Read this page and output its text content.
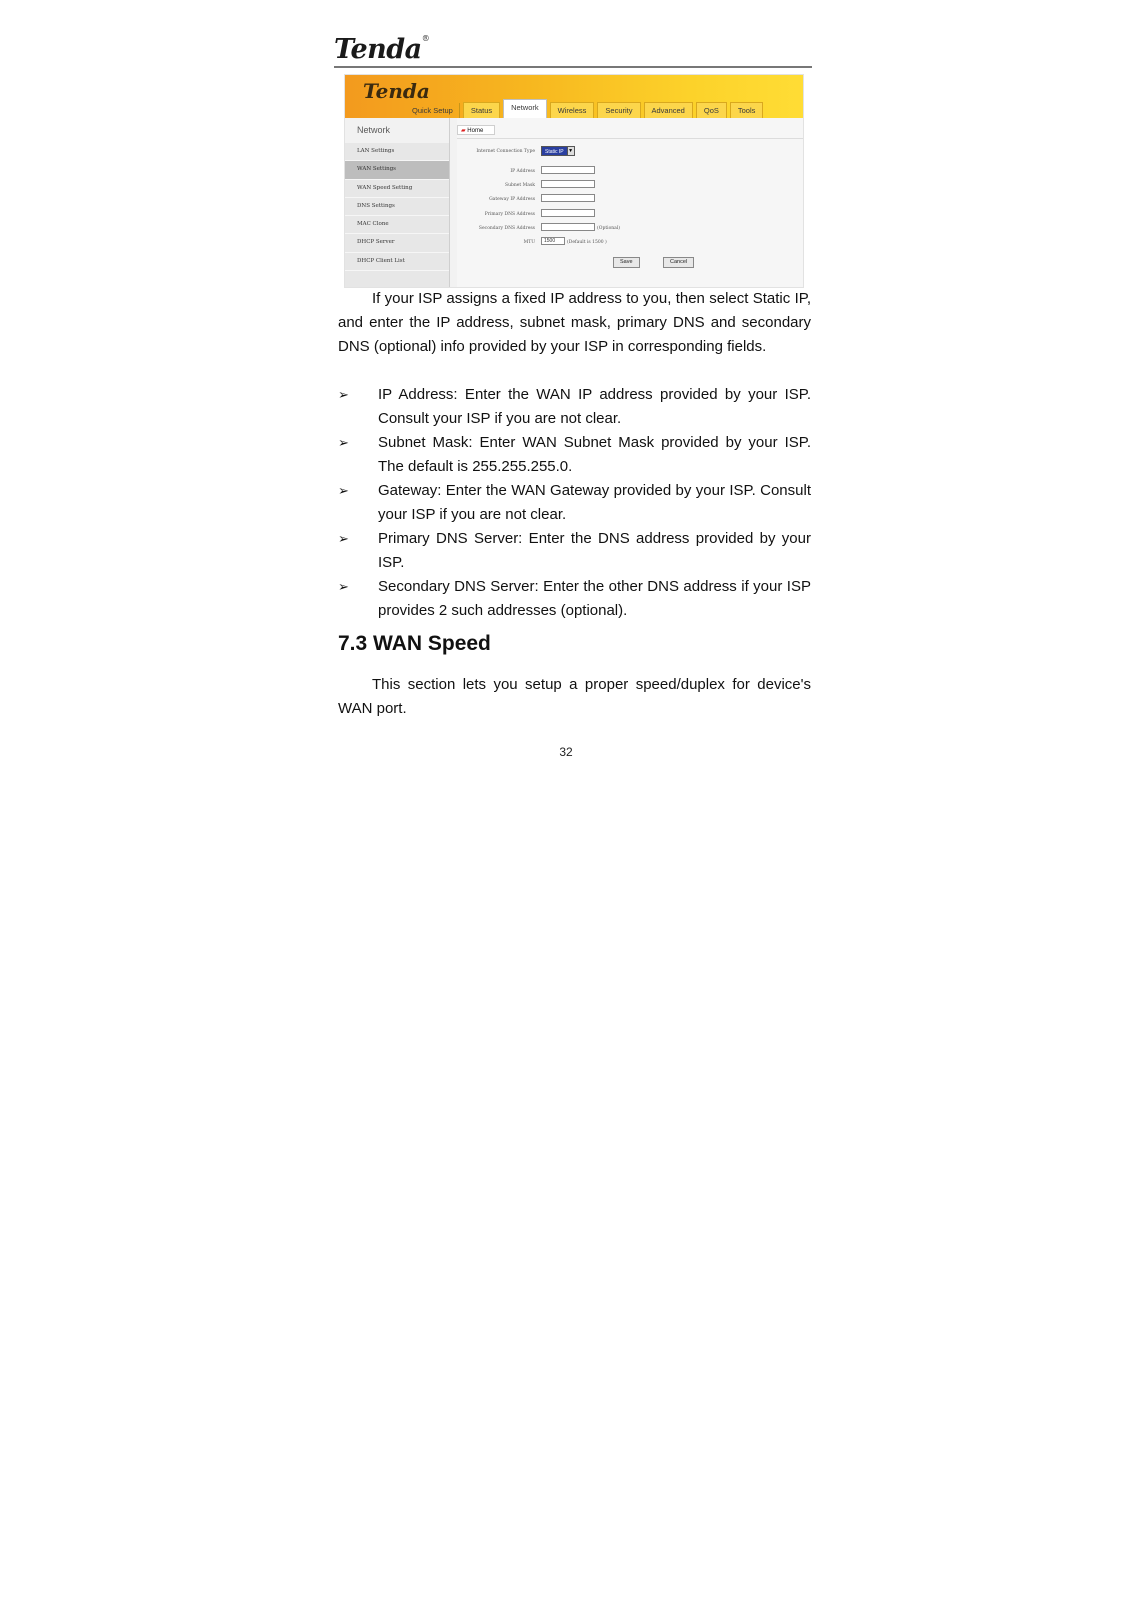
Tenda®
Tenda
Quick Setup	Status	Network	Wireless	Security	Advanced	QoS	Tools
Network
LAN Settings
WAN Settings
WAN Speed Setting
DNS Settings
MAC Clone
DHCP Server
DHCP Client List
▰ Home
Internet Connection Type	Static IP ▼
IP Address
Subnet Mask
Gateway IP Address
Primary DNS Address
Secondary DNS Address	(Optional)
MTU	1500	(Default is 1500 )
Save	Cancel
If your ISP assigns a fixed IP address to you, then select Static IP, and enter the IP address, subnet mask, primary DNS and secondary DNS (optional) info provided by your ISP in corresponding fields.
➢ IP Address: Enter the WAN IP address provided by your ISP. Consult your ISP if you are not clear.
➢ Subnet Mask: Enter WAN Subnet Mask provided by your ISP. The default is 255.255.255.0.
➢ Gateway: Enter the WAN Gateway provided by your ISP. Consult your ISP if you are not clear.
➢ Primary DNS Server: Enter the DNS address provided by your ISP.
➢ Secondary DNS Server: Enter the other DNS address if your ISP provides 2 such addresses (optional).
7.3 WAN Speed
This section lets you setup a proper speed/duplex for device's WAN port.
32
